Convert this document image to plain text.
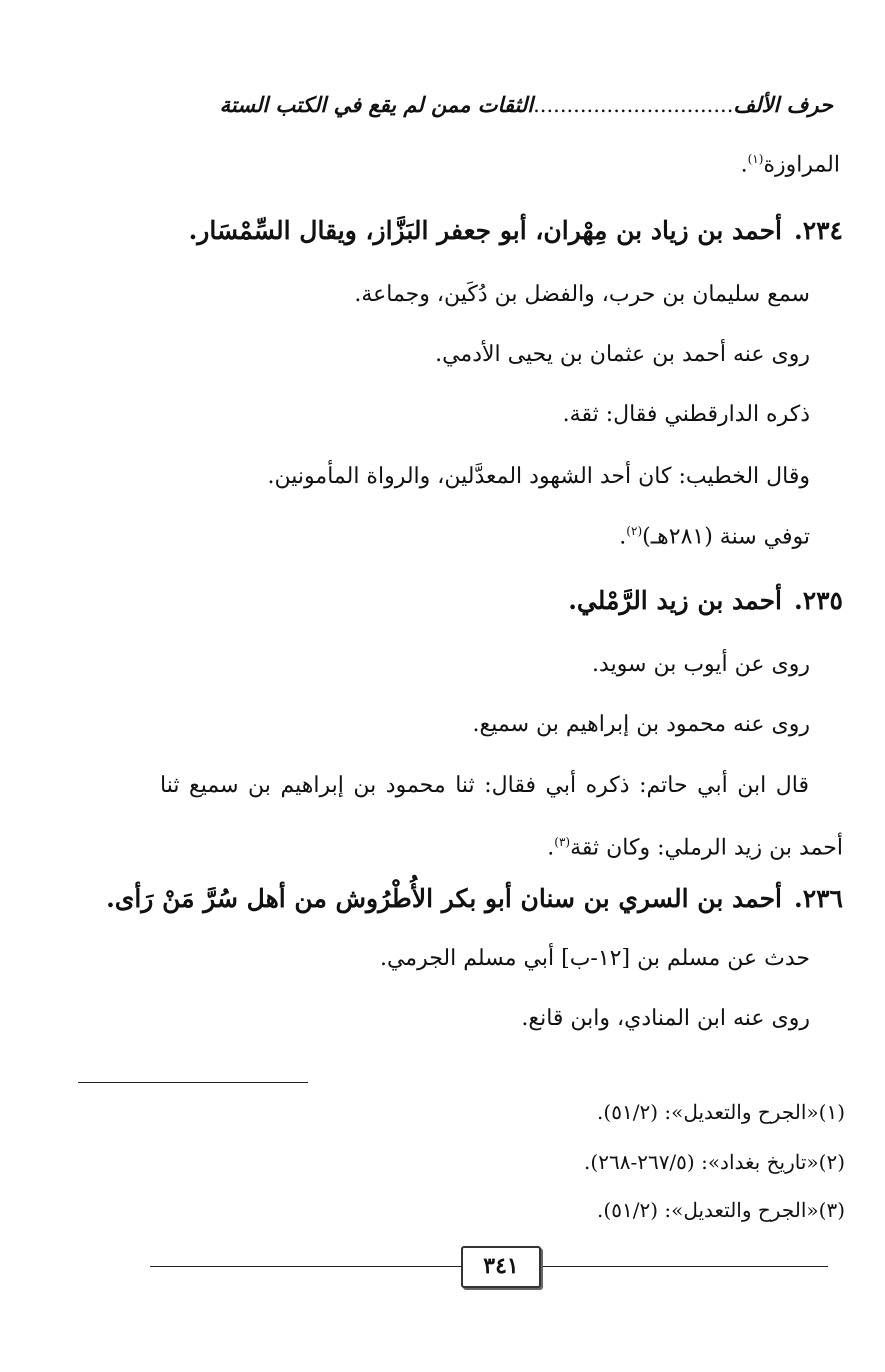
حرف الألف..............................الثقات ممن لم يقع في الكتب الستة
المراوزة$^{(١)}$.
٢٣٤.أحمد بن زياد بن مِهْران، أبو جعفر البَزَّاز، ويقال السِّمْسَار.
سمع سليمان بن حرب، والفضل بن دُكَين، وجماعة.
روى عنه أحمد بن عثمان بن يحيى الأدمي.
ذكره الدارقطني فقال: ثقة.
وقال الخطيب: كان أحد الشهود المعدَّلين، والرواة المأمونين.
توفي سنة (٢٨١هـ)$^{(٢)}$.
٢٣٥.أحمد بن زيد الرَّمْلي.
روى عن أيوب بن سويد.
روى عنه محمود بن إبراهيم بن سميع.
قال ابن أبي حاتم: ذكره أبي فقال: ثنا محمود بن إبراهيم بن سميع ثنا أحمد بن زيد الرملي: وكان ثقة$^{(٣)}$.
٢٣٦.أحمد بن السري بن سنان أبو بكر الأُطْرُوش من أهل سُرَّ مَنْ رَأى.
حدث عن مسلم بن [١٢-ب] أبي مسلم الجرمي.
روى عنه ابن المنادي، وابن قانع.
(١)«الجرح والتعديل»: (٥١/٢).
(٢)«تاريخ بغداد»: (٢٦٧/٥-٢٦٨).
(٣)«الجرح والتعديل»: (٥١/٢).
٣٤١
